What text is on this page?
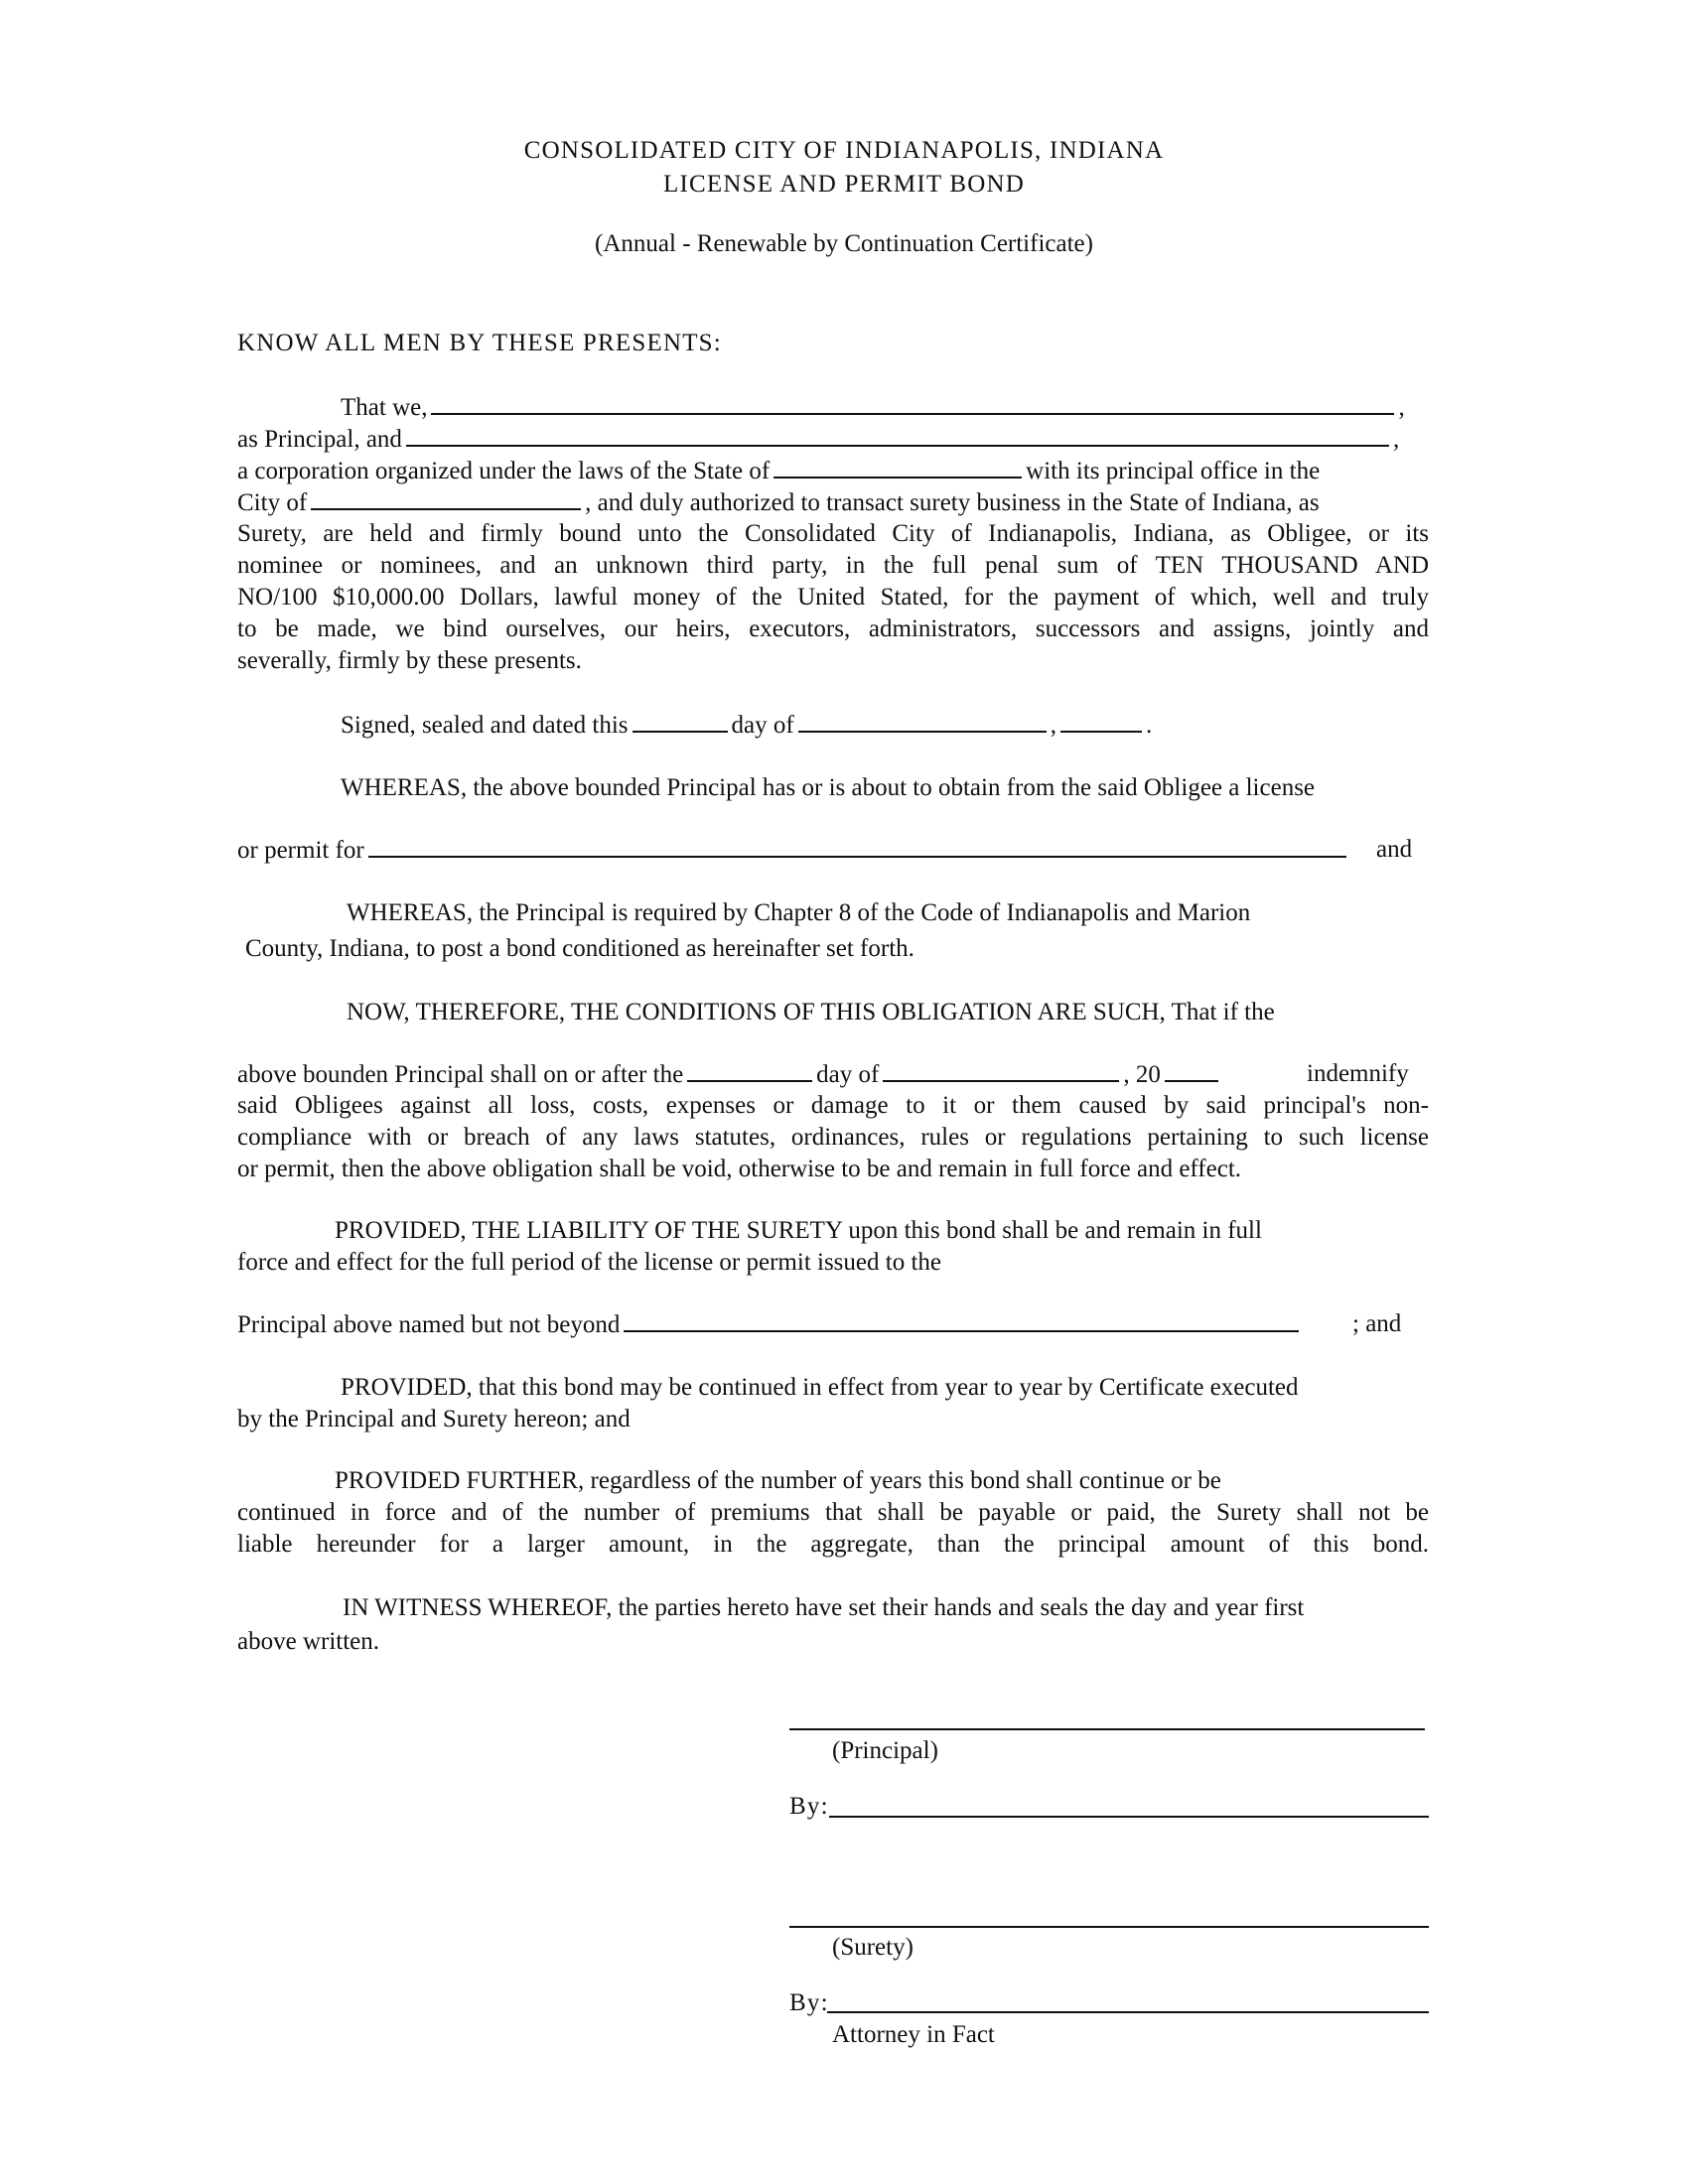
CONSOLIDATED CITY OF INDIANAPOLIS, INDIANA
LICENSE AND PERMIT BOND
(Annual - Renewable by Continuation Certificate)
KNOW ALL MEN BY THESE PRESENTS:
That we,	,
as Principal, and	,
a corporation organized under the laws of the State of	with its principal office in the
City of	, and duly authorized to transact surety business in the State of Indiana, as
Surety, are held and firmly bound unto the Consolidated City of Indianapolis, Indiana, as Obligee, or its
nominee or nominees, and an unknown third party, in the full penal sum of TEN THOUSAND AND
NO/100 $10,000.00 Dollars, lawful money of the United Stated, for the payment of which, well and truly
to be made, we bind ourselves, our heirs, executors, administrators, successors and assigns, jointly and
severally, firmly by these presents.
Signed, sealed and dated this	day of	,	.
WHEREAS, the above bounded Principal has or is about to obtain from the said Obligee a license
or permit for	and
WHEREAS, the Principal is required by Chapter 8 of the Code of Indianapolis and Marion
County, Indiana, to post a bond conditioned as hereinafter set forth.
NOW, THEREFORE, THE CONDITIONS OF THIS OBLIGATION ARE SUCH, That if the
above bounden Principal shall on or after the	day of	, 20	indemnify
said Obligees against all loss, costs, expenses or damage to it or them caused by said principal's non-
compliance with or breach of any laws statutes, ordinances, rules or regulations pertaining to such license
or permit, then the above obligation shall be void, otherwise to be and remain in full force and effect.
PROVIDED, THE LIABILITY OF THE SURETY upon this bond shall be and remain in full
force and effect for the full period of the license or permit issued to the
Principal above named but not beyond	; and
PROVIDED, that this bond may be continued in effect from year to year by Certificate executed
by the Principal and Surety hereon; and
PROVIDED FURTHER, regardless of the number of years this bond shall continue or be
continued in force and of the number of premiums that shall be payable or paid, the Surety shall not be
liable hereunder for a larger amount, in the aggregate, than the principal amount of this bond.
IN WITNESS WHEREOF, the parties hereto have set their hands and seals the day and year first
above written.
(Principal)
By:
(Surety)
By:
Attorney in Fact
